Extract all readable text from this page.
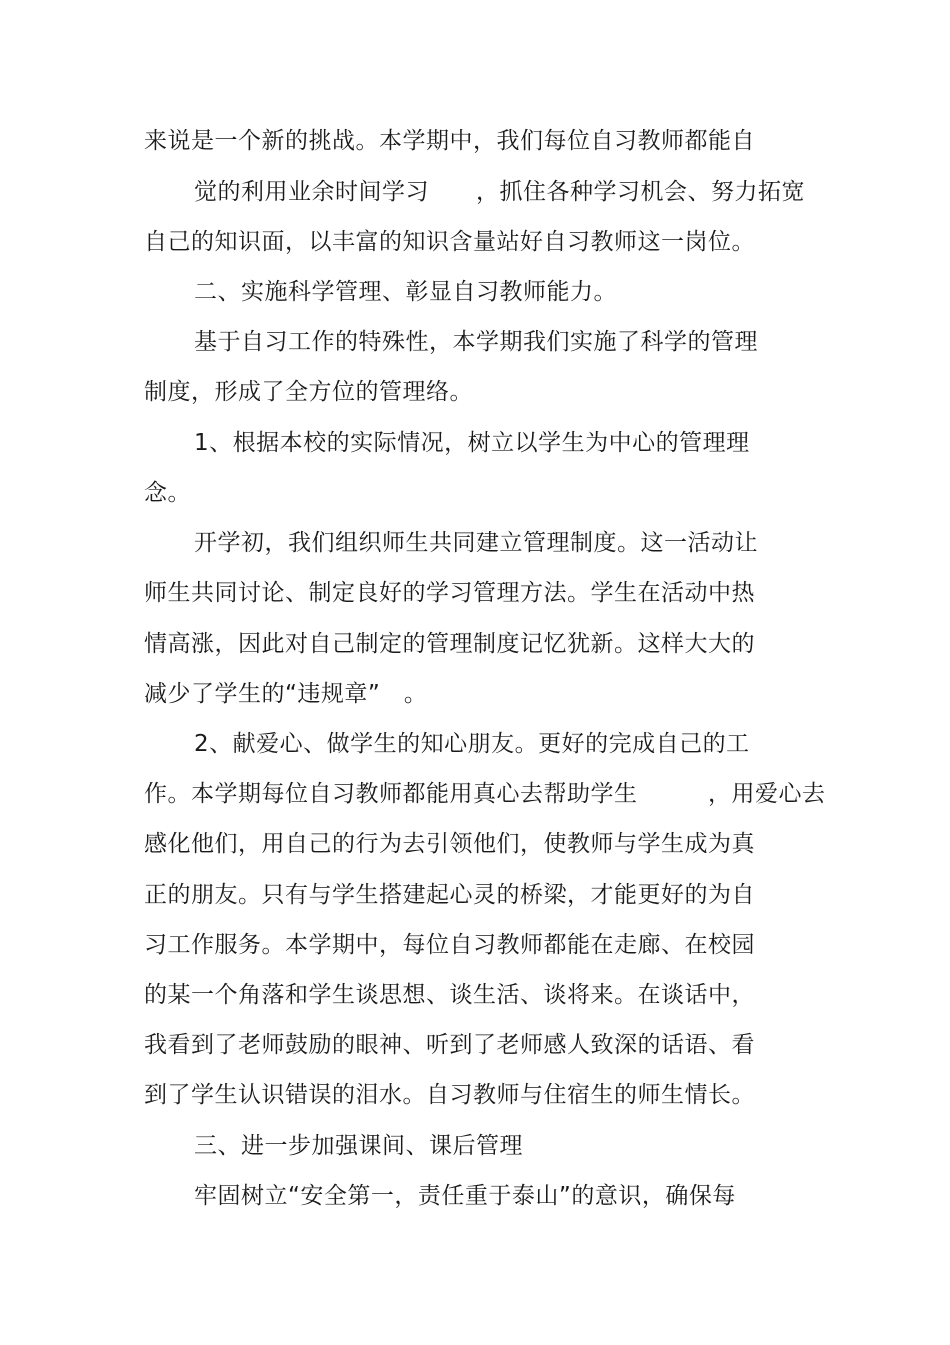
来说是一个新的挑战。本学期中，我们每位自习教师都能自
觉的利用业余时间学习　　，抓住各种学习机会、努力拓宽
自己的知识面，以丰富的知识含量站好自习教师这一岗位。
二、实施科学管理、彰显自习教师能力。
基于自习工作的特殊性，本学期我们实施了科学的管理
制度，形成了全方位的管理络。
1、根据本校的实际情况，树立以学生为中心的管理理
念。
开学初，我们组织师生共同建立管理制度。这一活动让
师生共同讨论、制定良好的学习管理方法。学生在活动中热
情高涨，因此对自己制定的管理制度记忆犹新。这样大大的
减少了学生的“违规章”　。
2、献爱心、做学生的知心朋友。更好的完成自己的工
作。本学期每位自习教师都能用真心去帮助学生　　　，用爱心去
感化他们，用自己的行为去引领他们，使教师与学生成为真
正的朋友。只有与学生搭建起心灵的桥梁，才能更好的为自
习工作服务。本学期中，每位自习教师都能在走廊、在校园
的某一个角落和学生谈思想、谈生活、谈将来。在谈话中，
我看到了老师鼓励的眼神、听到了老师感人致深的话语、看
到了学生认识错误的泪水。自习教师与住宿生的师生情长。
三、进一步加强课间、课后管理
牢固树立“安全第一，责任重于泰山”的意识，确保每
